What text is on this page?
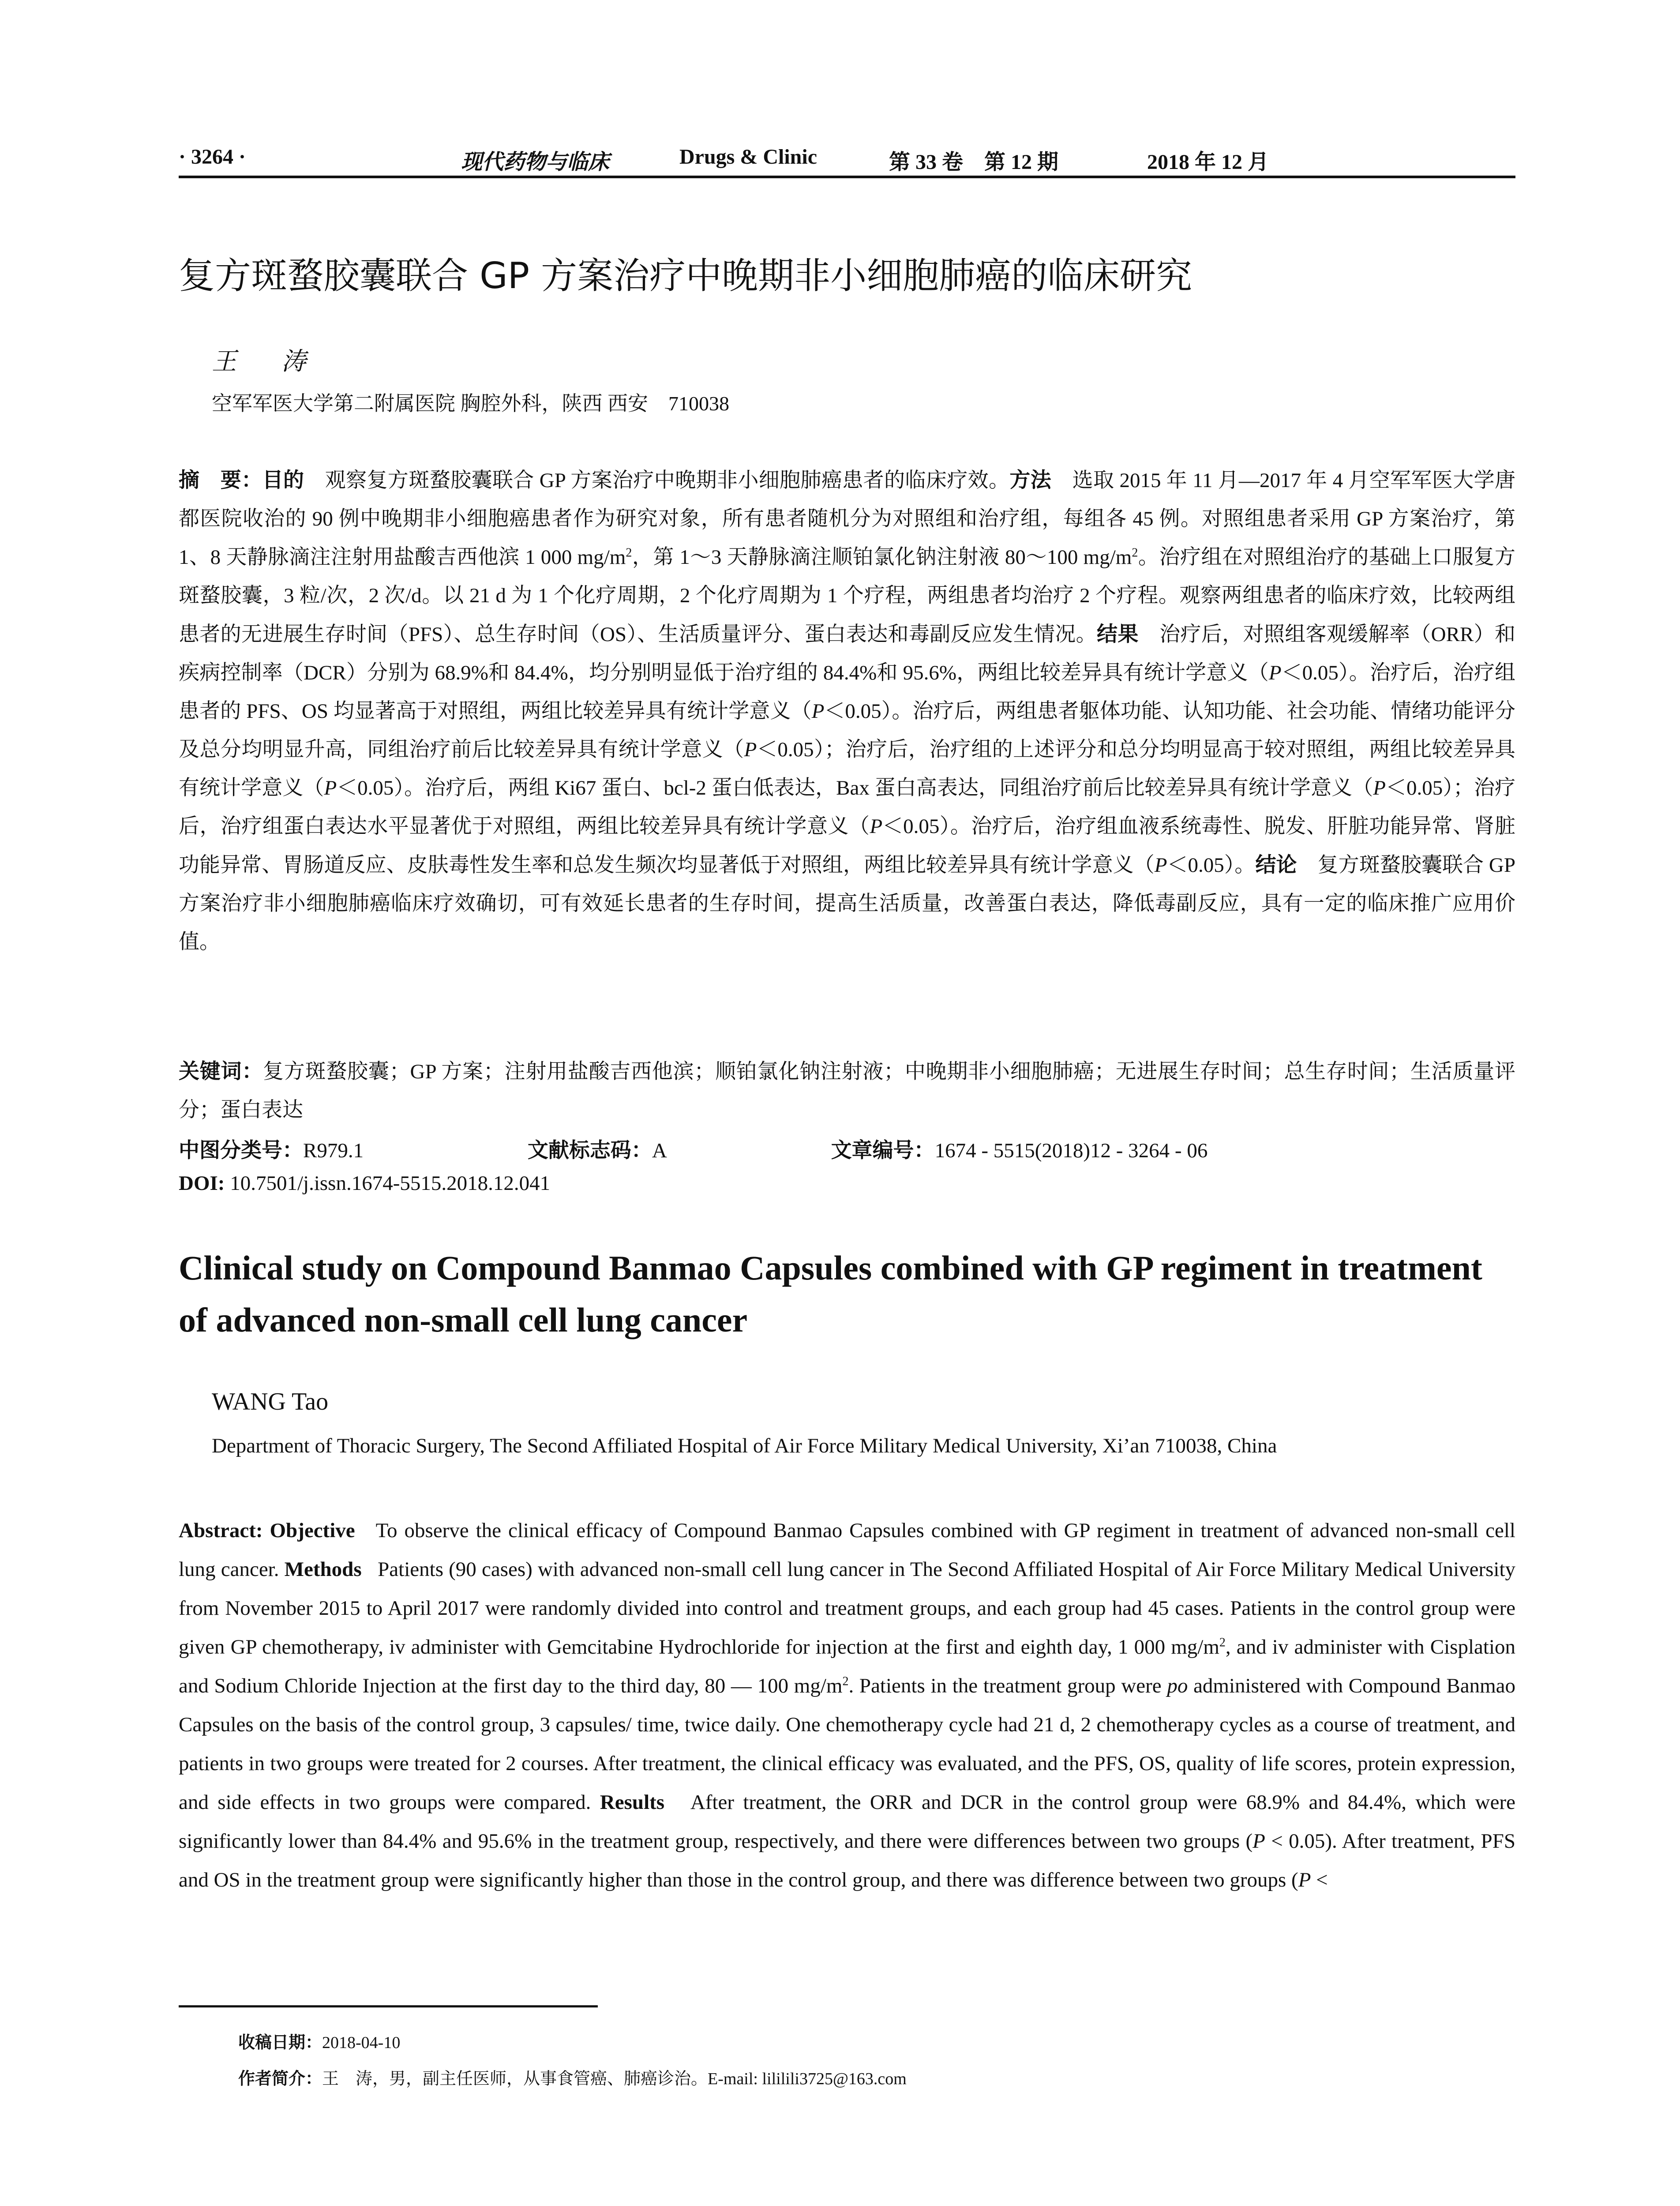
· 3264 ·	现代药物与临床	Drugs & Clinic	第 33 卷　第 12 期	2018 年 12 月
复方斑蝥胶囊联合 GP 方案治疗中晚期非小细胞肺癌的临床研究
王 涛
空军军医大学第二附属医院 胸腔外科，陕西 西安　710038
摘　要：目的　 观察复方斑蝥胶囊联合 GP 方案治疗中晚期非小细胞肺癌患者的临床疗效。方法　 选取 2015 年 11 月—2017 年 4 月空军军医大学唐都医院收治的 90 例中晚期非小细胞癌患者作为研究对象，所有患者随机分为对照组和治疗组，每组各 45 例。对照组患者采用 GP 方案治疗，第 1、8 天静脉滴注注射用盐酸吉西他滨 1 000 $mg/m^2$，第 1～3 天静脉滴注顺铂氯化钠注射液 80～100 $mg/m^2$。治疗组在对照组治疗的基础上口服复方斑蝥胶囊，3 粒/次，2 次/d。以 21 d 为 1 个化疗周期，2 个化疗周期为 1 个疗程，两组患者均治疗 2 个疗程。观察两组患者的临床疗效，比较两组患者的无进展生存时间（PFS）、总生存时间（OS）、生活质量评分、蛋白表达和毒副反应发生情况。结果　 治疗后，对照组客观缓解率（ORR）和疾病控制率（DCR）分别为 68.9%和 84.4%，均分别明显低于治疗组的 84.4%和 95.6%，两组比较差异具有统计学意义（P＜0.05）。治疗后，治疗组患者的 PFS、OS 均显著高于对照组，两组比较差异具有统计学意义（P＜0.05）。治疗后，两组患者躯体功能、认知功能、社会功能、情绪功能评分及总分均明显升高，同组治疗前后比较差异具有统计学意义（P＜0.05）；治疗后，治疗组的上述评分和总分均明显高于较对照组，两组比较差异具有统计学意义（P＜0.05）。治疗后，两组 Ki67 蛋白、bcl-2 蛋白低表达，Bax 蛋白高表达，同组治疗前后比较差异具有统计学意义（P＜0.05）；治疗后，治疗组蛋白表达水平显著优于对照组，两组比较差异具有统计学意义（P＜0.05）。治疗后，治疗组血液系统毒性、脱发、肝脏功能异常、肾脏功能异常、胃肠道反应、皮肤毒性发生率和总发生频次均显著低于对照组，两组比较差异具有统计学意义（P＜0.05）。结论　 复方斑蝥胶囊联合 GP 方案治疗非小细胞肺癌临床疗效确切，可有效延长患者的生存时间，提高生活质量，改善蛋白表达，降低毒副反应，具有一定的临床推广应用价值。
关键词：复方斑蝥胶囊；GP 方案；注射用盐酸吉西他滨；顺铂氯化钠注射液；中晚期非小细胞肺癌；无进展生存时间；总生存时间；生活质量评分；蛋白表达
中图分类号：R979.1	文献标志码：A	文章编号：1674 - 5515(2018)12 - 3264 - 06
DOI: 10.7501/j.issn.1674-5515.2018.12.041
Clinical study on Compound Banmao Capsules combined with GP regiment in treatment of advanced non-small cell lung cancer
WANG Tao
Department of Thoracic Surgery, The Second Affiliated Hospital of Air Force Military Medical University, Xi’an 710038, China
Abstract: Objective To observe the clinical efficacy of Compound Banmao Capsules combined with GP regiment in treatment of advanced non-small cell lung cancer. Methods Patients (90 cases) with advanced non-small cell lung cancer in The Second Affiliated Hospital of Air Force Military Medical University from November 2015 to April 2017 were randomly divided into control and treatment groups, and each group had 45 cases. Patients in the control group were given GP chemotherapy, iv administer with Gemcitabine Hydrochloride for injection at the first and eighth day, 1 000 $mg/m^2$, and iv administer with Cisplation and Sodium Chloride Injection at the first day to the third day, 80 — 100 $mg/m^2$. Patients in the treatment group were po administered with Compound Banmao Capsules on the basis of the control group, 3 capsules/ time, twice daily. One chemotherapy cycle had 21 d, 2 chemotherapy cycles as a course of treatment, and patients in two groups were treated for 2 courses. After treatment, the clinical efficacy was evaluated, and the PFS, OS, quality of life scores, protein expression, and side effects in two groups were compared. Results After treatment, the ORR and DCR in the control group were 68.9% and 84.4%, which were significantly lower than 84.4% and 95.6% in the treatment group, respectively, and there were differences between two groups (P < 0.05). After treatment, PFS and OS in the treatment group were significantly higher than those in the control group, and there was difference between two groups (P <
收稿日期：2018-04-10
作者简介：王　涛，男，副主任医师，从事食管癌、肺癌诊治。E-mail: lililili3725@163.com
